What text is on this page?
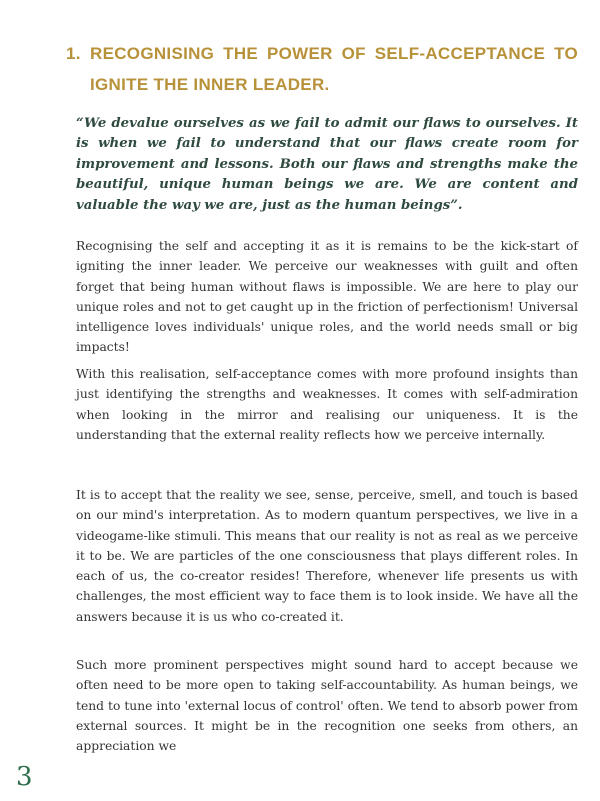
1. RECOGNISING THE POWER OF SELF-ACCEPTANCE TO
IGNITE THE INNER LEADER.

“We devalue ourselves as we fail to admit our flaws to ourselves. It is when we fail to understand that our flaws create room for improvement and lessons. Both our flaws and strengths make the beautiful, unique human beings we are. We are content and valuable the way we are, just as the human beings”.

Recognising the self and accepting it as it is remains to be the kick-start of igniting the inner leader. We perceive our weaknesses with guilt and often forget that being human without flaws is impossible. We are here to play our unique roles and not to get caught up in the friction of perfectionism! Universal intelligence loves individuals' unique roles, and the world needs small or big impacts!

With this realisation, self-acceptance comes with more profound insights than just identifying the strengths and weaknesses. It comes with self-admiration when looking in the mirror and realising our uniqueness. It is the understanding that the external reality reflects how we perceive internally.

It is to accept that the reality we see, sense, perceive, smell, and touch is based on our mind's interpretation. As to modern quantum perspectives, we live in a videogame-like stimuli. This means that our reality is not as real as we perceive it to be. We are particles of the one consciousness that plays different roles. In each of us, the co-creator resides! Therefore, whenever life presents us with challenges, the most efficient way to face them is to look inside. We have all the answers because it is us who co-created it.

Such more prominent perspectives might sound hard to accept because we often need to be more open to taking self-accountability. As human beings, we tend to tune into 'external locus of control' often. We tend to absorb power from external sources. It might be in the recognition one seeks from others, an appreciation we

3
